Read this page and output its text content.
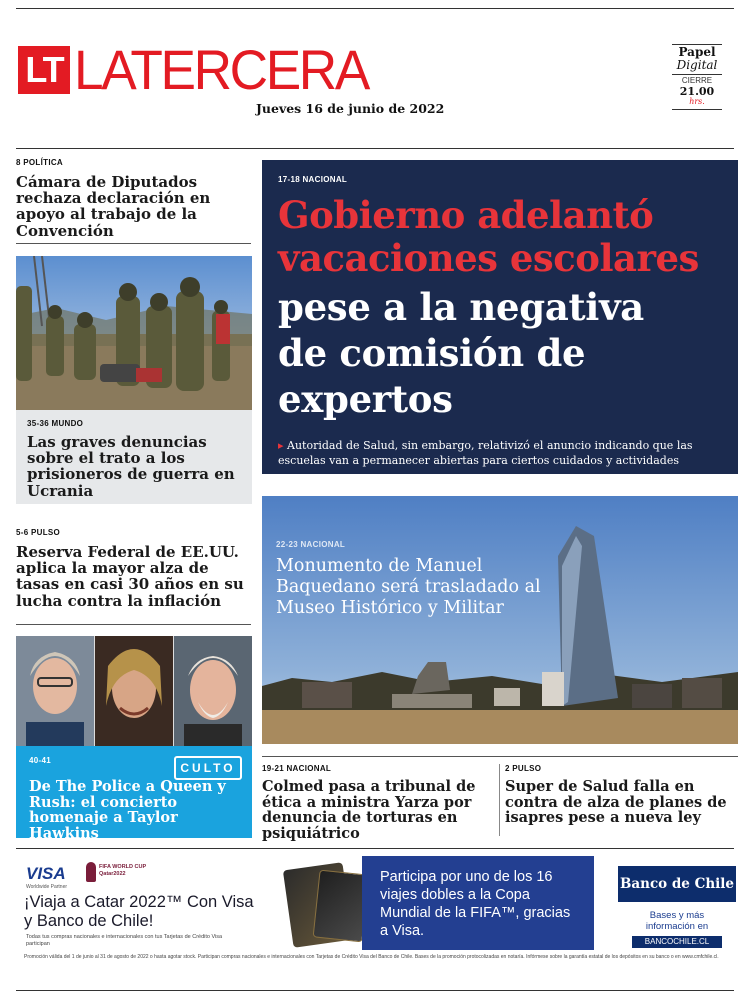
LT LATERCERA
Jueves 16 de junio de 2022
Papel
Digital
CIERRE
21.00
hrs.
8 POLÍTICA
Cámara de Diputados rechaza declaración en apoyo al trabajo de la Convención
35-36 MUNDO
Las graves denuncias sobre el trato a los prisioneros de guerra en Ucrania
5-6 PULSO
Reserva Federal de EE.UU. aplica la mayor alza de tasas en casi 30 años en su lucha contra la inflación
40-41
CULTO
De The Police a Queen y Rush: el concierto homenaje a Taylor Hawkins
17-18 NACIONAL
Gobierno adelantó vacaciones escolares
pese a la negativa de comisión de expertos
▸ Autoridad de Salud, sin embargo, relativizó el anuncio indicando que las escuelas van a permanecer abiertas para ciertos cuidados y actividades
22-23 NACIONAL
Monumento de Manuel Baquedano será trasladado al Museo Histórico y Militar
19-21 NACIONAL
Colmed pasa a tribunal de ética a ministra Yarza por denuncia de torturas en psiquiátrico
2 PULSO
Super de Salud falla en contra de alza de planes de isapres pese a nueva ley
VISA	FIFA WORLD CUP Qatar2022
Worldwide Partner
¡Viaja a Catar 2022™ Con Visa y Banco de Chile!
Todas tus compras nacionales e internacionales con tus Tarjetas de Crédito Visa participan
Participa por uno de los 16 viajes dobles a la Copa Mundial de la FIFA™, gracias a Visa.
Banco de Chile
Bases y más información en
BANCOCHILE.CL
Promoción válida del 1 de junio al 31 de agosto de 2022 o hasta agotar stock. Participan compras nacionales e internacionales con Tarjetas de Crédito Visa del Banco de Chile. Bases de la promoción protocolizadas en notaría. Infórmese sobre la garantía estatal de los depósitos en su banco o en www.cmfchile.cl.
